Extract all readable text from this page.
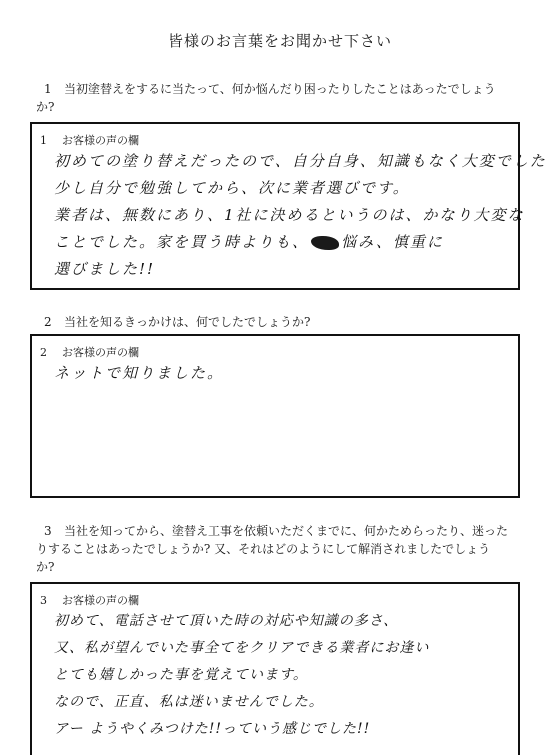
皆様のお言葉をお聞かせ下さい
1 当初塗替えをするに当たって、何か悩んだり困ったりしたことはあったでしょう
か?
1 お客様の声の欄
初めての塗り替えだったので、自分自身、知識もなく大変でした
少し自分で勉強してから、次に業者選びです。
業者は、無数にあり、1社に決めるというのは、かなり大変な
ことでした。家を買う時よりも、 悩み、慎重に
選びました!!
2 当社を知るきっかけは、何でしたでしょうか?
2 お客様の声の欄
ネットで知りました。
3 当社を知ってから、塗替え工事を依頼いただくまでに、何かためらったり、迷った
りすることはあったでしょうか? 又、それはどのようにして解消されましたでしょう
か?
3 お客様の声の欄
初めて、電話させて頂いた時の対応や知識の多さ、
又、私が望んでいた事全てをクリアできる業者にお逢い
とても嬉しかった事を覚えています。
なので、正直、私は迷いませんでした。
アー ようやくみつけた!!っていう感じでした!!
